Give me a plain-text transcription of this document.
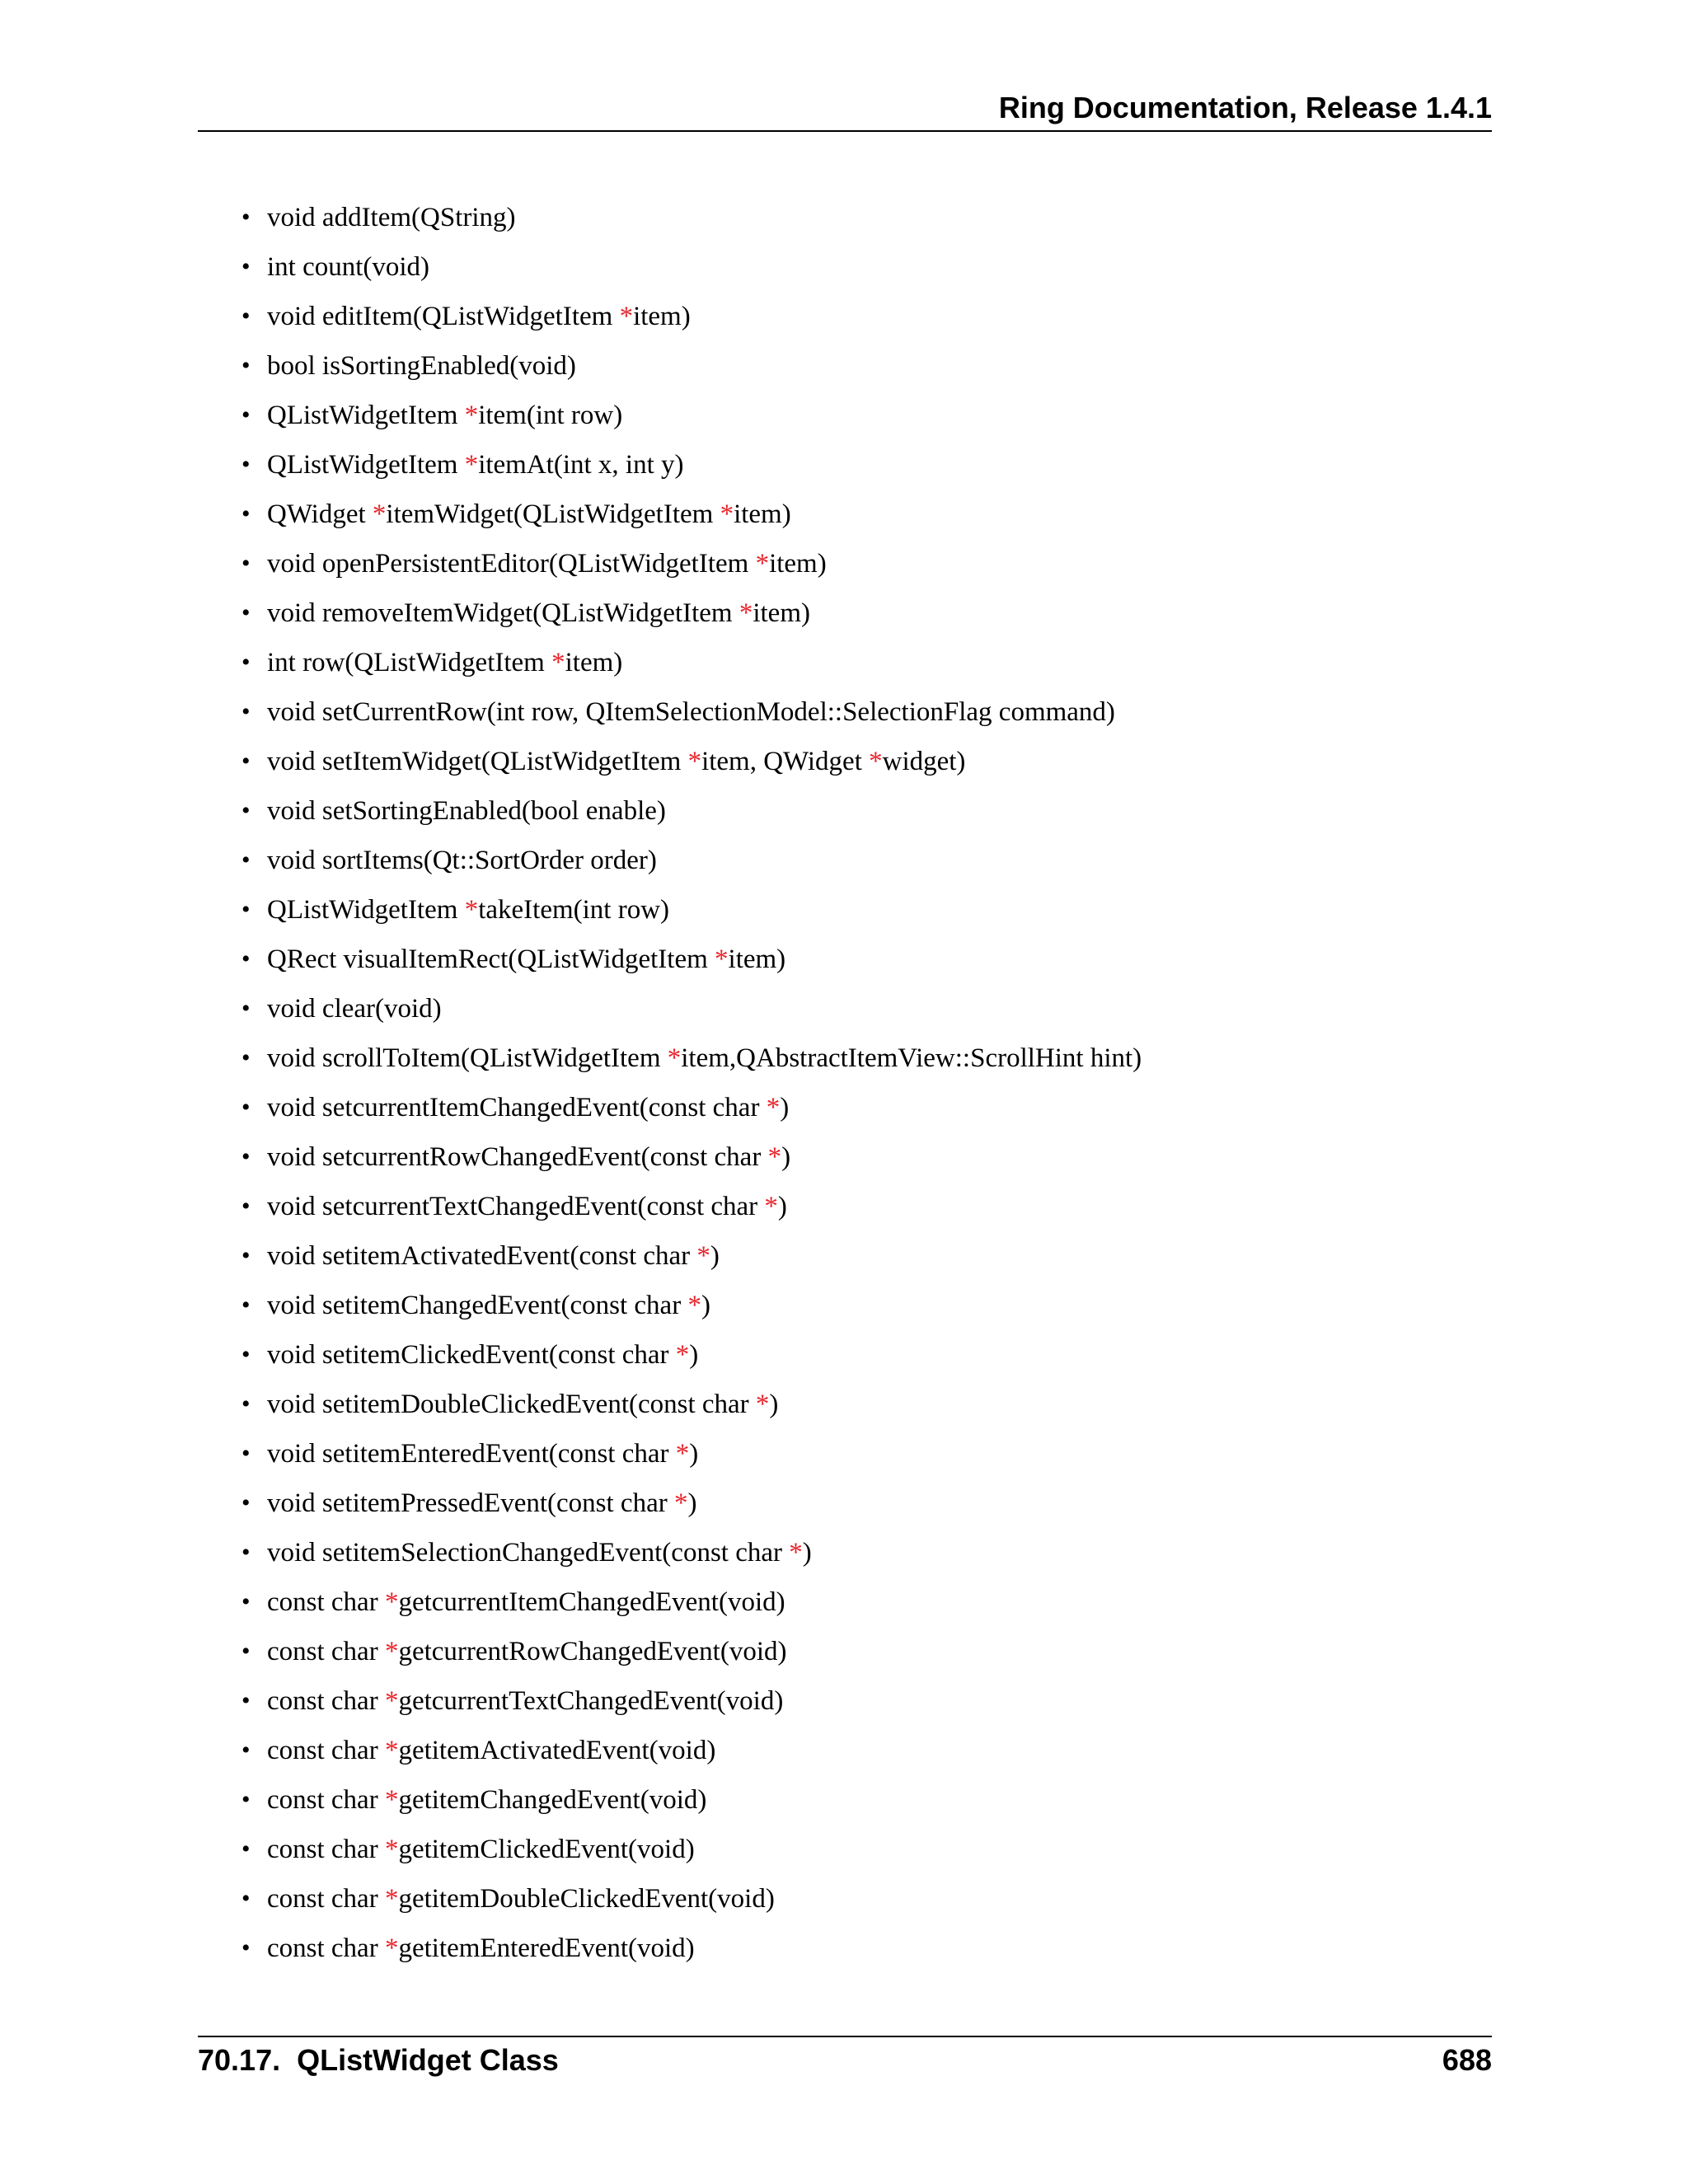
Ring Documentation, Release 1.4.1
• void addItem(QString)
• int count(void)
• void editItem(QListWidgetItem *item)
• bool isSortingEnabled(void)
• QListWidgetItem *item(int row)
• QListWidgetItem *itemAt(int x, int y)
• QWidget *itemWidget(QListWidgetItem *item)
• void openPersistentEditor(QListWidgetItem *item)
• void removeItemWidget(QListWidgetItem *item)
• int row(QListWidgetItem *item)
• void setCurrentRow(int row, QItemSelectionModel::SelectionFlag command)
• void setItemWidget(QListWidgetItem *item, QWidget *widget)
• void setSortingEnabled(bool enable)
• void sortItems(Qt::SortOrder order)
• QListWidgetItem *takeItem(int row)
• QRect visualItemRect(QListWidgetItem *item)
• void clear(void)
• void scrollToItem(QListWidgetItem *item,QAbstractItemView::ScrollHint hint)
• void setcurrentItemChangedEvent(const char *)
• void setcurrentRowChangedEvent(const char *)
• void setcurrentTextChangedEvent(const char *)
• void setitemActivatedEvent(const char *)
• void setitemChangedEvent(const char *)
• void setitemClickedEvent(const char *)
• void setitemDoubleClickedEvent(const char *)
• void setitemEnteredEvent(const char *)
• void setitemPressedEvent(const char *)
• void setitemSelectionChangedEvent(const char *)
• const char *getcurrentItemChangedEvent(void)
• const char *getcurrentRowChangedEvent(void)
• const char *getcurrentTextChangedEvent(void)
• const char *getitemActivatedEvent(void)
• const char *getitemChangedEvent(void)
• const char *getitemClickedEvent(void)
• const char *getitemDoubleClickedEvent(void)
• const char *getitemEnteredEvent(void)
70.17.  QListWidget Class	688
